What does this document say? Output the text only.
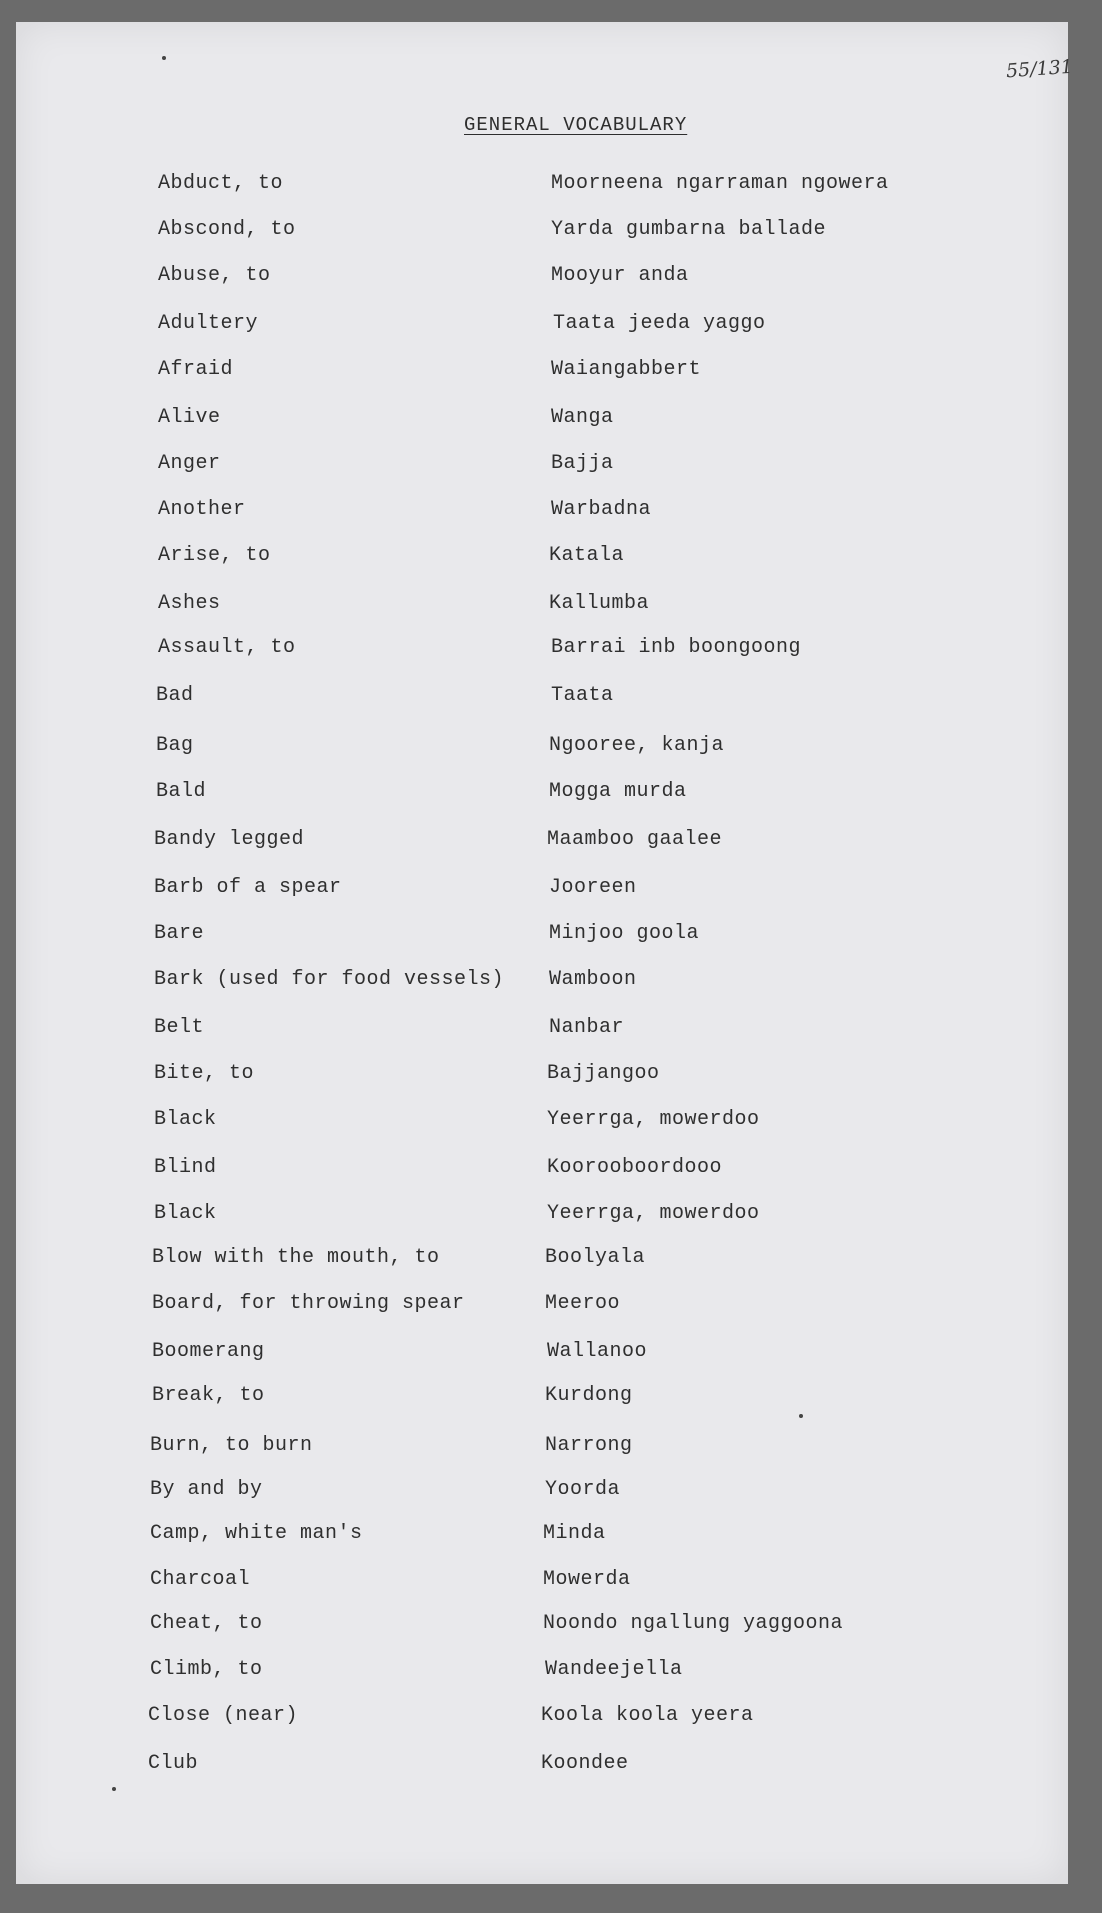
55/131
GENERAL VOCABULARY
Abduct, to	Moorneena ngarraman ngowera
Abscond, to	Yarda gumbarna ballade
Abuse, to	Mooyur anda
Adultery	Taata jeeda yaggo
Afraid	Waiangabbert
Alive	Wanga
Anger	Bajja
Another	Warbadna
Arise, to	Katala
Ashes	Kallumba
Assault, to	Barrai inb boongoong
Bad	Taata
Bag	Ngooree, kanja
Bald	Mogga murda
Bandy legged	Maamboo gaalee
Barb of a spear	Jooreen
Bare	Minjoo goola
Bark (used for food vessels) Wamboon
Belt	Nanbar
Bite, to	Bajjangoo
Black	Yeerrga, mowerdoo
Blind	Koorooboordooo
Black	Yeerrga, mowerdoo
Blow with the mouth, to	Boolyala
Board, for throwing spear	Meeroo
Boomerang	Wallanoo
Break, to	Kurdong
Burn, to burn	Narrong
By and by	Yoorda
Camp, white man's	Minda
Charcoal	Mowerda
Cheat, to	Noondo ngallung yaggoona
Climb, to	Wandeejella
Close (near)	Koola koola yeera
Club	Koondee
